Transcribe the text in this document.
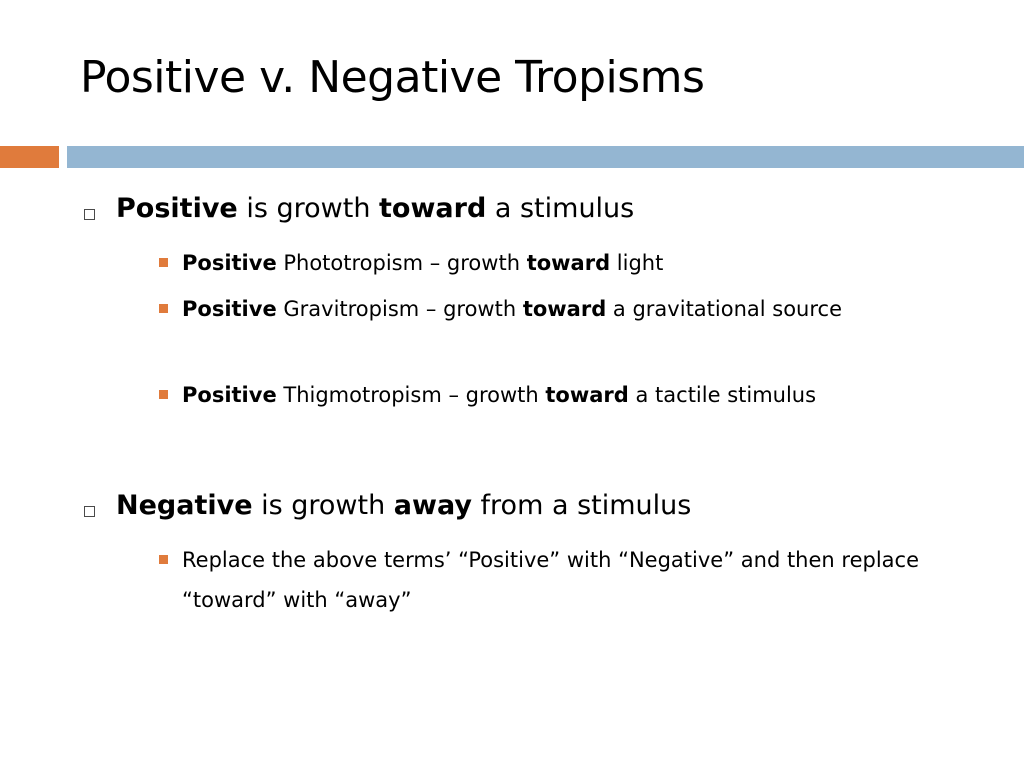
Positive v. Negative Tropisms
Positive is growth toward a stimulus
Positive Phototropism – growth toward light
Positive Gravitropism – growth toward a gravitational source
Positive Thigmotropism – growth toward a tactile stimulus
Negative is growth away from a stimulus
Replace the above terms’ “Positive” with “Negative” and then replace “toward” with “away”
